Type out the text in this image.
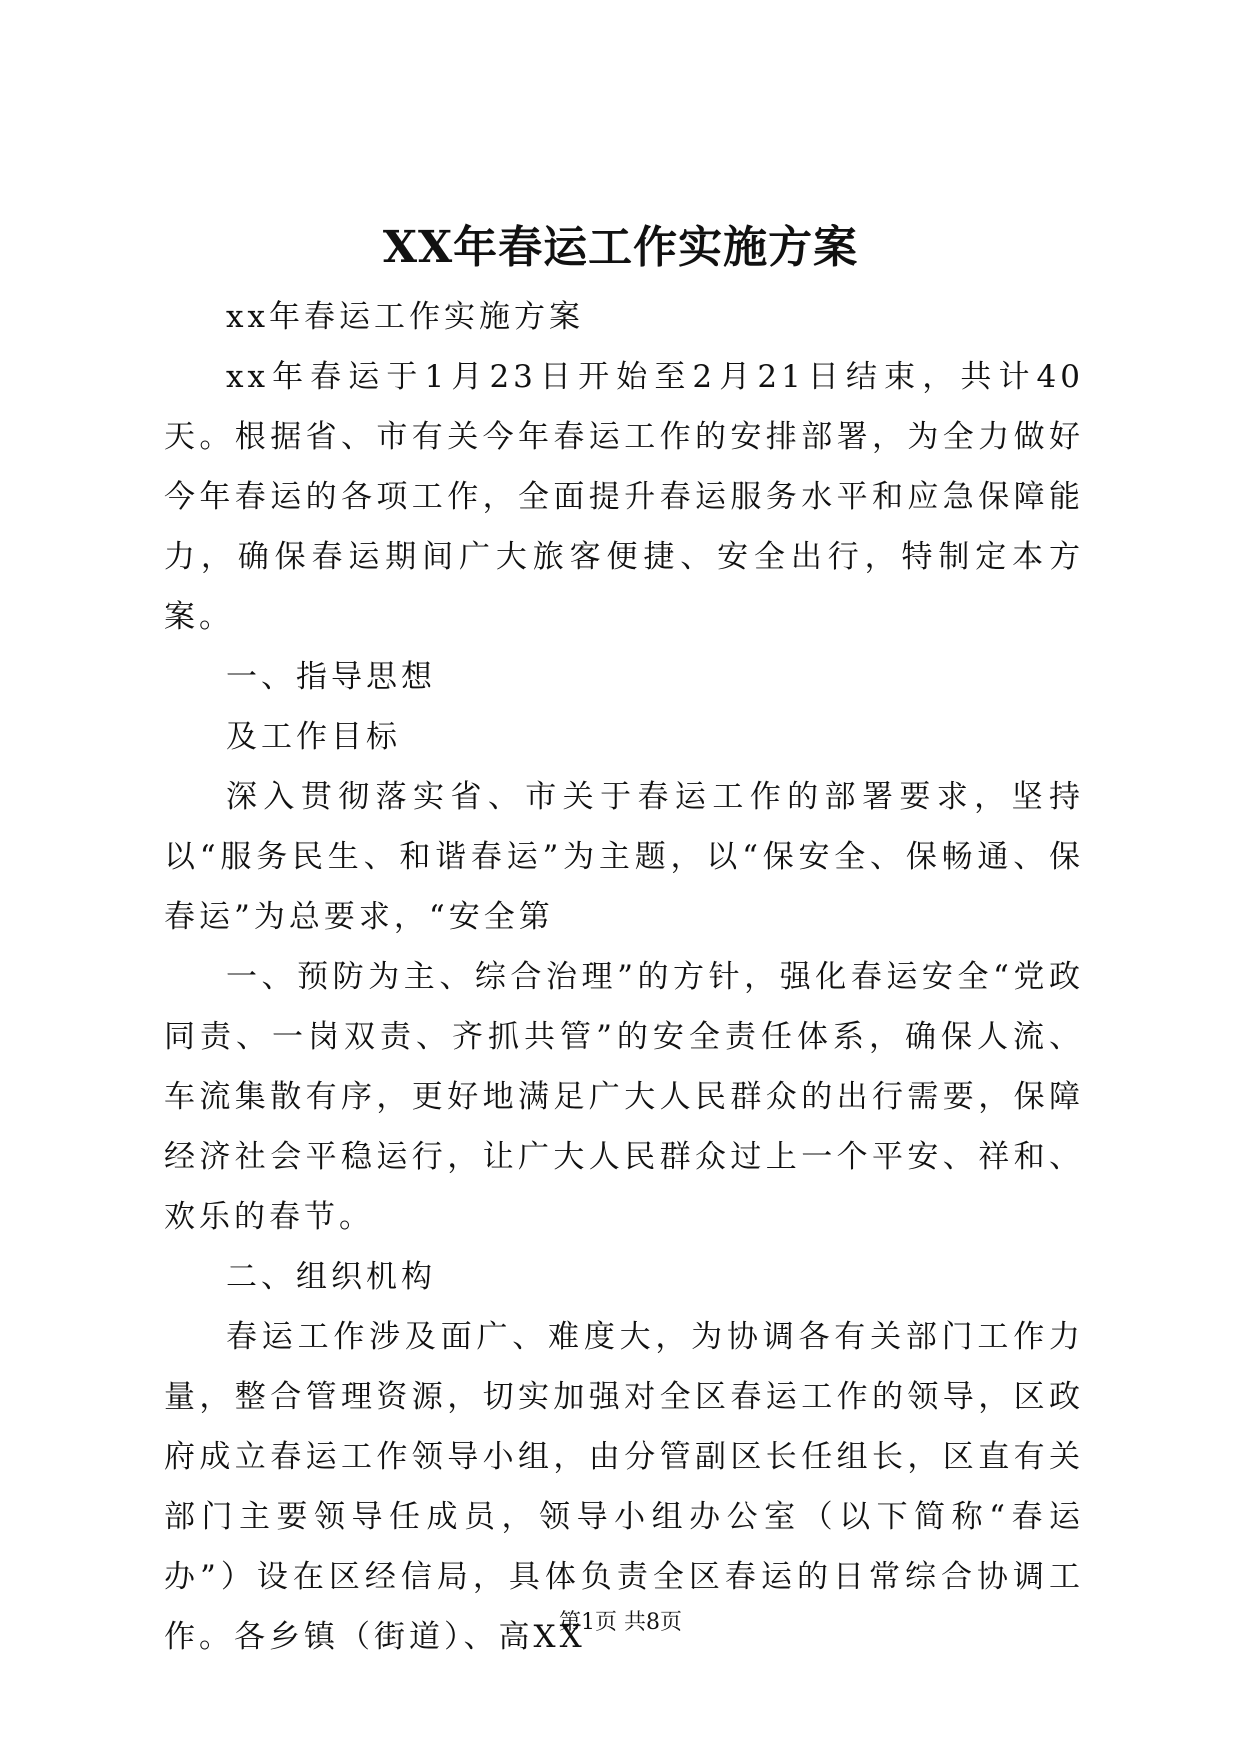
XX年春运工作实施方案

xx年春运工作实施方案

xx年春运于1月23日开始至2月21日结束，共计40天。根据省、市有关今年春运工作的安排部署，为全力做好今年春运的各项工作，全面提升春运服务水平和应急保障能力，确保春运期间广大旅客便捷、安全出行，特制定本方案。

一、指导思想

及工作目标

深入贯彻落实省、市关于春运工作的部署要求，坚持以“服务民生、和谐春运”为主题，以“保安全、保畅通、保春运”为总要求，“安全第

一、预防为主、综合治理”的方针，强化春运安全“党政同责、一岗双责、齐抓共管”的安全责任体系，确保人流、车流集散有序，更好地满足广大人民群众的出行需要，保障经济社会平稳运行，让广大人民群众过上一个平安、祥和、欢乐的春节。

二、组织机构

春运工作涉及面广、难度大，为协调各有关部门工作力量，整合管理资源，切实加强对全区春运工作的领导，区政府成立春运工作领导小组，由分管副区长任组长，区直有关部门主要领导任成员，领导小组办公室（以下简称“春运办”）设在区经信局，具体负责全区春运的日常综合协调工作。各乡镇（街道）、高XX

第1页 共8页
